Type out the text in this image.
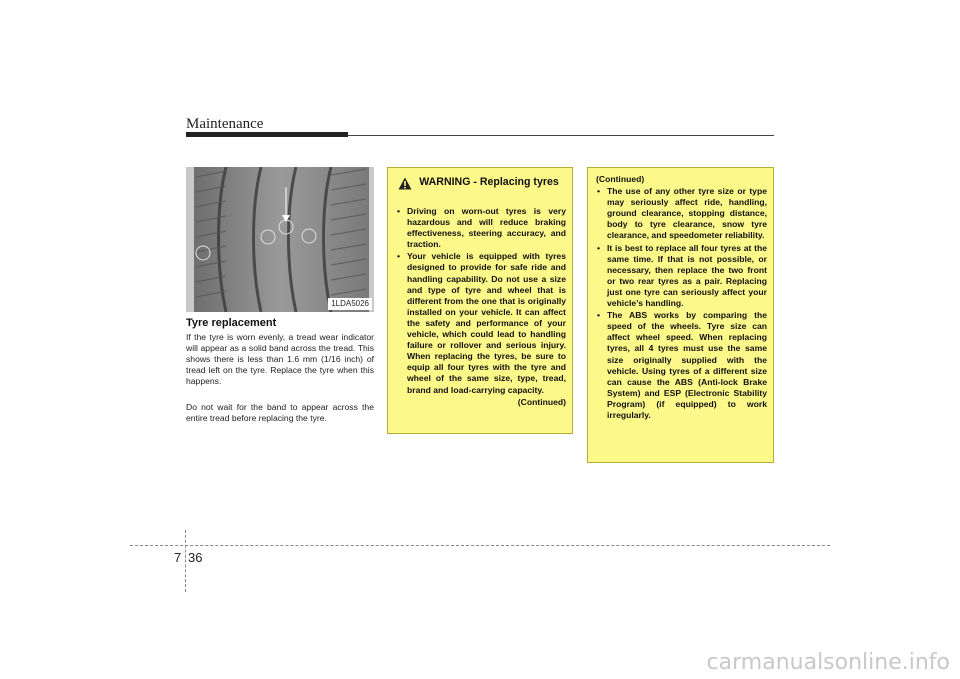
Maintenance
1LDA5026
Tyre replacement

If the tyre is worn evenly, a tread wear indicator will appear as a solid band across the tread. This shows there is less than 1.6 mm (1/16 inch) of tread left on the tyre. Replace the tyre when this happens.

Do not wait for the band to appear across the entire tread before replacing the tyre.

WARNING - Replacing tyres
• Driving on worn-out tyres is very hazardous and will reduce braking effectiveness, steering accuracy, and traction.
• Your vehicle is equipped with tyres designed to provide for safe ride and handling capability. Do not use a size and type of tyre and wheel that is different from the one that is originally installed on your vehicle. It can affect the safety and performance of your vehicle, which could lead to handling failure or rollover and serious injury. When replacing the tyres, be sure to equip all four tyres with the tyre and wheel of the same size, type, tread, brand and load-carrying capacity.
(Continued)
(Continued)
• The use of any other tyre size or type may seriously affect ride, handling, ground clearance, stopping distance, body to tyre clearance, snow tyre clearance, and speedometer reliability.
• It is best to replace all four tyres at the same time. If that is not possible, or necessary, then replace the two front or two rear tyres as a pair. Replacing just one tyre can seriously affect your vehicle’s handling.
• The ABS works by comparing the speed of the wheels. Tyre size can affect wheel speed. When replacing tyres, all 4 tyres must use the same size originally supplied with the vehicle. Using tyres of a different size can cause the ABS (Anti-lock Brake System) and ESP (Electronic Stability Program) (if equipped) to work irregularly.
7 36
carmanualsonline.info
